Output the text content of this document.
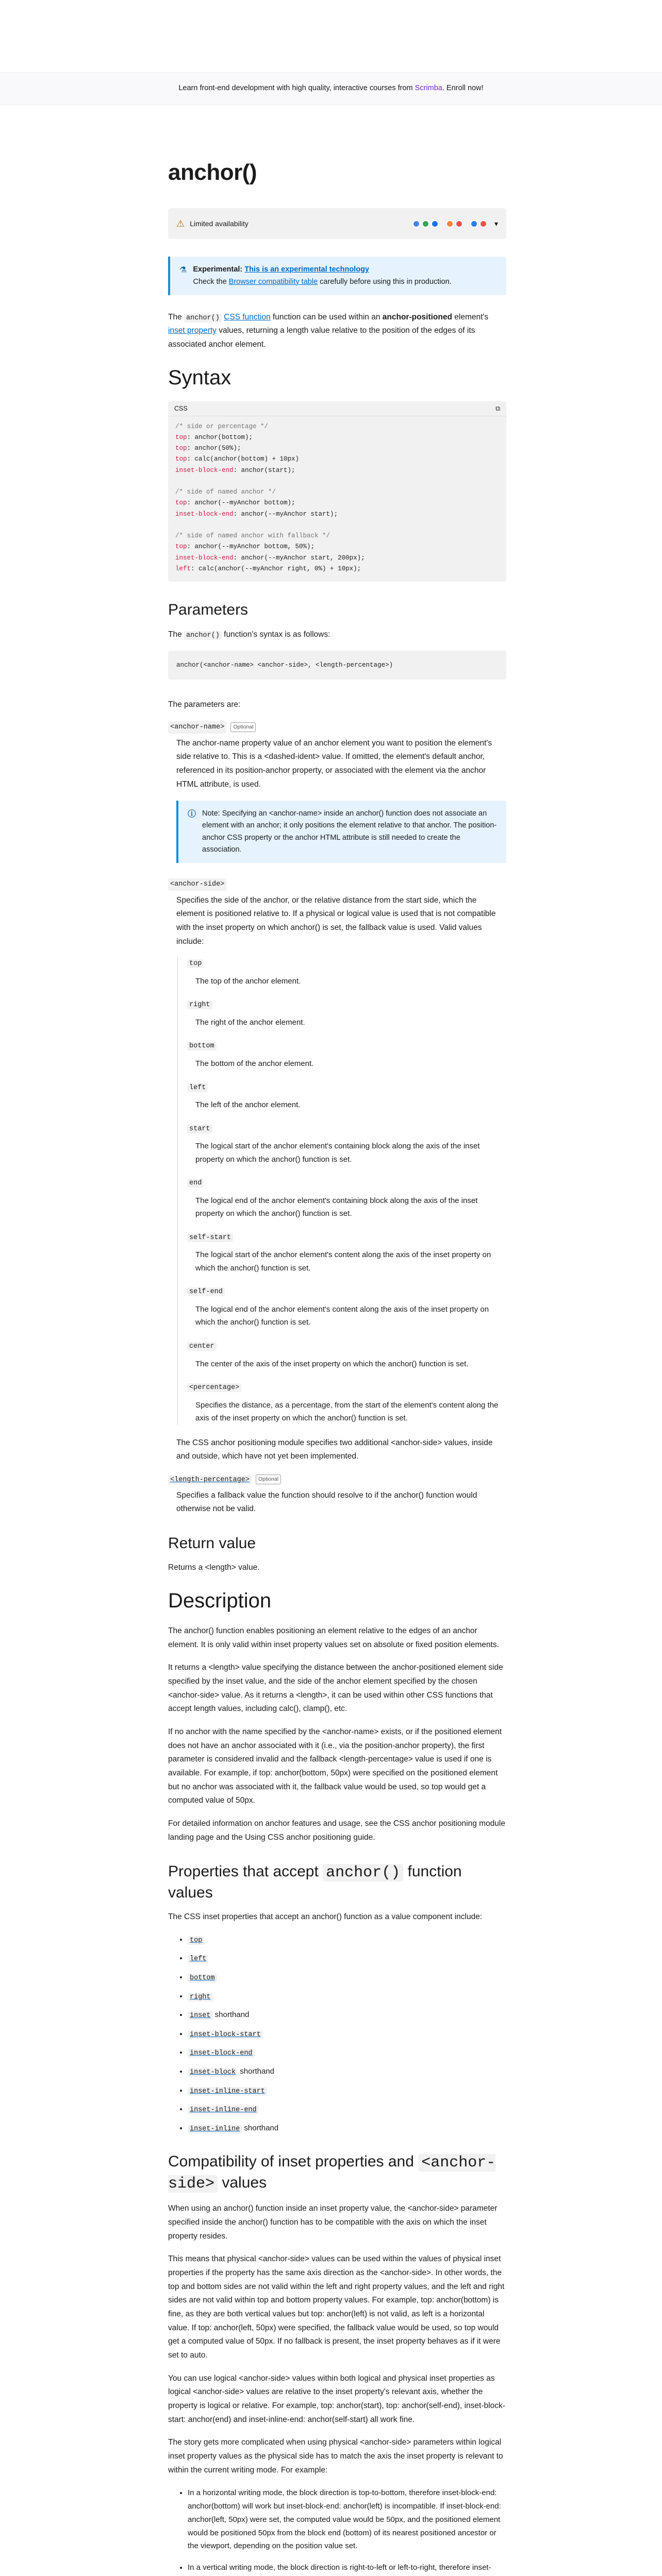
Learn front-end development with high quality, interactive courses from Scrimba. Enroll now!
anchor()
⚠ Limited availability	▾
⚗ Experimental: This is an experimental technology
Check the Browser compatibility table carefully before using this in production.

The anchor() CSS function function can be used within an anchor-positioned element's inset property values, returning a length value relative to the position of the edges of its associated anchor element.

Syntax
CSS	⧉
/* side or percentage */
top: anchor(bottom);
top: anchor(50%);
top: calc(anchor(bottom) + 10px)
inset-block-end: anchor(start);

/* side of named anchor */
top: anchor(--myAnchor bottom);
inset-block-end: anchor(--myAnchor start);

/* side of named anchor with fallback */
top: anchor(--myAnchor bottom, 50%);
inset-block-end: anchor(--myAnchor start, 200px);
left: calc(anchor(--myAnchor right, 0%) + 10px);
Parameters

The anchor() function's syntax is as follows:

anchor(<anchor-name> <anchor-side>, <length-percentage>)

The parameters are:

<anchor-name>	Optional

The anchor-name property value of an anchor element you want to position the element's side relative to. This is a <dashed-ident> value. If omitted, the element's default anchor, referenced in its position-anchor property, or associated with the element via the anchor HTML attribute, is used.

ⓘ Note: Specifying an <anchor-name> inside an anchor() function does not associate an element with an anchor; it only positions the element relative to that anchor. The position-anchor CSS property or the anchor HTML attribute is still needed to create the association.
<anchor-side>

Specifies the side of the anchor, or the relative distance from the start side, which the element is positioned relative to. If a physical or logical value is used that is not compatible with the inset property on which anchor() is set, the fallback value is used. Valid values include:

top
The top of the anchor element.
right
The right of the anchor element.
bottom
The bottom of the anchor element.
left
The left of the anchor element.
start
The logical start of the anchor element's containing block along the axis of the inset property on which the anchor() function is set.
end
The logical end of the anchor element's containing block along the axis of the inset property on which the anchor() function is set.
self-start
The logical start of the anchor element's content along the axis of the inset property on which the anchor() function is set.
self-end
The logical end of the anchor element's content along the axis of the inset property on which the anchor() function is set.
center
The center of the axis of the inset property on which the anchor() function is set.
<percentage>
Specifies the distance, as a percentage, from the start of the element's content along the axis of the inset property on which the anchor() function is set.

The CSS anchor positioning module specifies two additional <anchor-side> values, inside and outside, which have not yet been implemented.

<length-percentage>	Optional

Specifies a fallback value the function should resolve to if the anchor() function would otherwise not be valid.

Return value

Returns a <length> value.

Description

The anchor() function enables positioning an element relative to the edges of an anchor element. It is only valid within inset property values set on absolute or fixed position elements.

It returns a <length> value specifying the distance between the anchor-positioned element side specified by the inset value, and the side of the anchor element specified by the chosen <anchor-side> value. As it returns a <length>, it can be used within other CSS functions that accept length values, including calc(), clamp(), etc.

If no anchor with the name specified by the <anchor-name> exists, or if the positioned element does not have an anchor associated with it (i.e., via the position-anchor property), the first parameter is considered invalid and the fallback <length-percentage> value is used if one is available. For example, if top: anchor(bottom, 50px) were specified on the positioned element but no anchor was associated with it, the fallback value would be used, so top would get a computed value of 50px.

For detailed information on anchor features and usage, see the CSS anchor positioning module landing page and the Using CSS anchor positioning guide.

Properties that accept anchor() function values

The CSS inset properties that accept an anchor() function as a value component include:

• top
• left
• bottom
• right
• inset shorthand
• inset-block-start
• inset-block-end
• inset-block shorthand
• inset-inline-start
• inset-inline-end
• inset-inline shorthand
Compatibility of inset properties and <anchor-side> values

When using an anchor() function inside an inset property value, the <anchor-side> parameter specified inside the anchor() function has to be compatible with the axis on which the inset property resides.

This means that physical <anchor-side> values can be used within the values of physical inset properties if the property has the same axis direction as the <anchor-side>. In other words, the top and bottom sides are not valid within the left and right property values, and the left and right sides are not valid within top and bottom property values. For example, top: anchor(bottom) is fine, as they are both vertical values but top: anchor(left) is not valid, as left is a horizontal value. If top: anchor(left, 50px) were specified, the fallback value would be used, so top would get a computed value of 50px. If no fallback is present, the inset property behaves as if it were set to auto.

You can use logical <anchor-side> values within both logical and physical inset properties as logical <anchor-side> values are relative to the inset property's relevant axis, whether the property is logical or relative. For example, top: anchor(start), top: anchor(self-end), inset-block-start: anchor(end) and inset-inline-end: anchor(self-start) all work fine.

The story gets more complicated when using physical <anchor-side> parameters within logical inset property values as the physical side has to match the axis the inset property is relevant to within the current writing mode. For example:

• In a horizontal writing mode, the block direction is top-to-bottom, therefore inset-block-end: anchor(bottom) will work but inset-block-end: anchor(left) is incompatible. If inset-block-end: anchor(left, 50px) were set, the computed value would be 50px, and the positioned element would be positioned 50px from the block end (bottom) of its nearest positioned ancestor or the viewport, depending on the position value set.
• In a vertical writing mode, the block direction is right-to-left or left-to-right, therefore inset-
